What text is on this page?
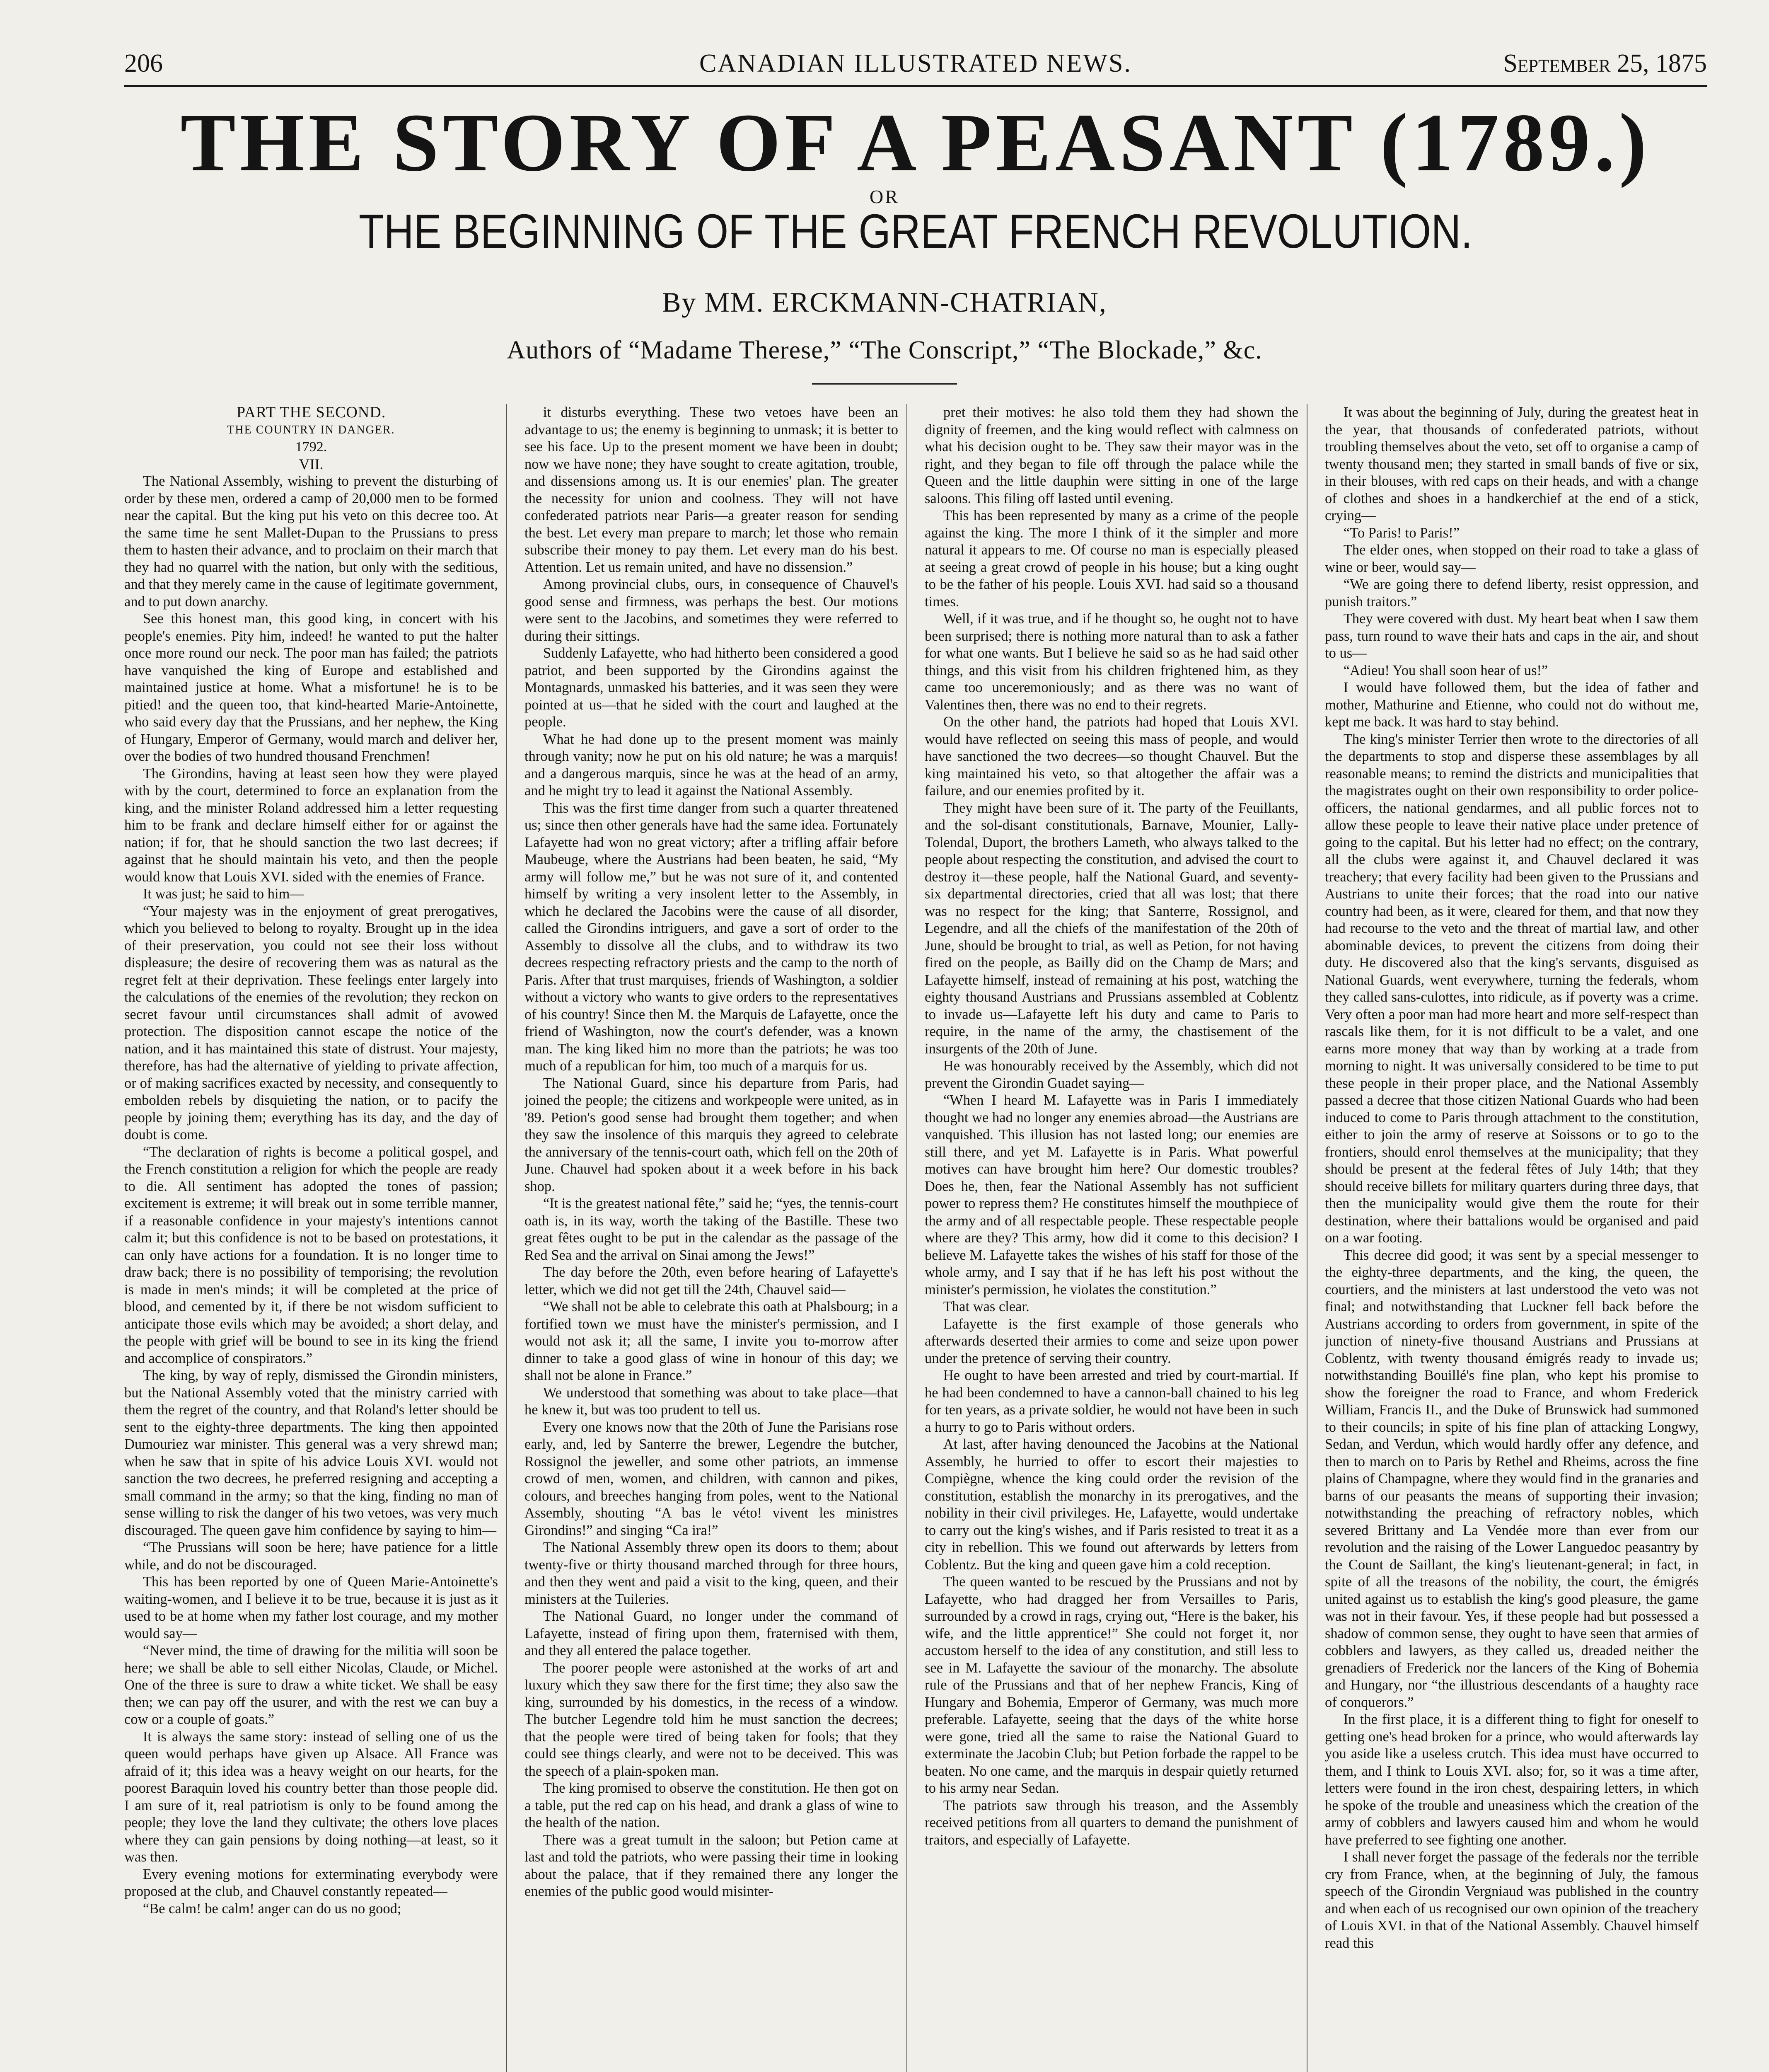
206	CANADIAN ILLUSTRATED NEWS.	September 25, 1875
THE STORY OF A PEASANT (1789.)
OR
THE BEGINNING OF THE GREAT FRENCH REVOLUTION.
By MM. ERCKMANN-CHATRIAN,
Authors of “Madame Therese,” “The Conscript,” “The Blockade,” &c.

PART THE SECOND.

THE COUNTRY IN DANGER.

1792.

VII.

The National Assembly, wishing to prevent the disturbing of order by these men, ordered a camp of 20,000 men to be formed near the capital. But the king put his veto on this decree too. At the same time he sent Mallet-Dupan to the Prussians to press them to hasten their advance, and to proclaim on their march that they had no quarrel with the nation, but only with the seditious, and that they merely came in the cause of legitimate government, and to put down anarchy.

See this honest man, this good king, in concert with his people's enemies. Pity him, indeed! he wanted to put the halter once more round our neck. The poor man has failed; the patriots have vanquished the king of Europe and established and maintained justice at home. What a misfortune! he is to be pitied! and the queen too, that kind-hearted Marie-Antoinette, who said every day that the Prussians, and her nephew, the King of Hungary, Emperor of Germany, would march and deliver her, over the bodies of two hundred thousand Frenchmen!

The Girondins, having at least seen how they were played with by the court, determined to force an explanation from the king, and the minister Roland addressed him a letter requesting him to be frank and declare himself either for or against the nation; if for, that he should sanction the two last decrees; if against that he should maintain his veto, and then the people would know that Louis XVI. sided with the enemies of France.

It was just; he said to him—

“Your majesty was in the enjoyment of great prerogatives, which you believed to belong to royalty. Brought up in the idea of their preservation, you could not see their loss without displeasure; the desire of recovering them was as natural as the regret felt at their deprivation. These feelings enter largely into the calculations of the enemies of the revolution; they reckon on secret favour until circumstances shall admit of avowed protection. The disposition cannot escape the notice of the nation, and it has maintained this state of distrust. Your majesty, therefore, has had the alternative of yielding to private affection, or of making sacrifices exacted by necessity, and consequently to embolden rebels by disquieting the nation, or to pacify the people by joining them; everything has its day, and the day of doubt is come.

“The declaration of rights is become a political gospel, and the French constitution a religion for which the people are ready to die. All sentiment has adopted the tones of passion; excitement is extreme; it will break out in some terrible manner, if a reasonable confidence in your majesty's intentions cannot calm it; but this confidence is not to be based on protestations, it can only have actions for a foundation. It is no longer time to draw back; there is no possibility of temporising; the revolution is made in men's minds; it will be completed at the price of blood, and cemented by it, if there be not wisdom sufficient to anticipate those evils which may be avoided; a short delay, and the people with grief will be bound to see in its king the friend and accomplice of conspirators.”

The king, by way of reply, dismissed the Girondin ministers, but the National Assembly voted that the ministry carried with them the regret of the country, and that Roland's letter should be sent to the eighty-three departments. The king then appointed Dumouriez war minister. This general was a very shrewd man; when he saw that in spite of his advice Louis XVI. would not sanction the two decrees, he preferred resigning and accepting a small command in the army; so that the king, finding no man of sense willing to risk the danger of his two vetoes, was very much discouraged. The queen gave him confidence by saying to him—

“The Prussians will soon be here; have patience for a little while, and do not be discouraged.

This has been reported by one of Queen Marie-Antoinette's waiting-women, and I believe it to be true, because it is just as it used to be at home when my father lost courage, and my mother would say—

“Never mind, the time of drawing for the militia will soon be here; we shall be able to sell either Nicolas, Claude, or Michel. One of the three is sure to draw a white ticket. We shall be easy then; we can pay off the usurer, and with the rest we can buy a cow or a couple of goats.”

It is always the same story: instead of selling one of us the queen would perhaps have given up Alsace. All France was afraid of it; this idea was a heavy weight on our hearts, for the poorest Baraquin loved his country better than those people did. I am sure of it, real patriotism is only to be found among the people; they love the land they cultivate; the others love places where they can gain pensions by doing nothing—at least, so it was then.

Every evening motions for exterminating everybody were proposed at the club, and Chauvel constantly repeated—

“Be calm! be calm! anger can do us no good;

it disturbs everything. These two vetoes have been an advantage to us; the enemy is beginning to unmask; it is better to see his face. Up to the present moment we have been in doubt; now we have none; they have sought to create agitation, trouble, and dissensions among us. It is our enemies' plan. The greater the necessity for union and coolness. They will not have confederated patriots near Paris—a greater reason for sending the best. Let every man prepare to march; let those who remain subscribe their money to pay them. Let every man do his best. Attention. Let us remain united, and have no dissension.”

Among provincial clubs, ours, in consequence of Chauvel's good sense and firmness, was perhaps the best. Our motions were sent to the Jacobins, and sometimes they were referred to during their sittings.

Suddenly Lafayette, who had hitherto been considered a good patriot, and been supported by the Girondins against the Montagnards, unmasked his batteries, and it was seen they were pointed at us—that he sided with the court and laughed at the people.

What he had done up to the present moment was mainly through vanity; now he put on his old nature; he was a marquis! and a dangerous marquis, since he was at the head of an army, and he might try to lead it against the National Assembly.

This was the first time danger from such a quarter threatened us; since then other generals have had the same idea. Fortunately Lafayette had won no great victory; after a trifling affair before Maubeuge, where the Austrians had been beaten, he said, “My army will follow me,” but he was not sure of it, and contented himself by writing a very insolent letter to the Assembly, in which he declared the Jacobins were the cause of all disorder, called the Girondins intriguers, and gave a sort of order to the Assembly to dissolve all the clubs, and to withdraw its two decrees respecting refractory priests and the camp to the north of Paris. After that trust marquises, friends of Washington, a soldier without a victory who wants to give orders to the representatives of his country! Since then M. the Marquis de Lafayette, once the friend of Washington, now the court's defender, was a known man. The king liked him no more than the patriots; he was too much of a republican for him, too much of a marquis for us.

The National Guard, since his departure from Paris, had joined the people; the citizens and workpeople were united, as in '89. Petion's good sense had brought them together; and when they saw the insolence of this marquis they agreed to celebrate the anniversary of the tennis-court oath, which fell on the 20th of June. Chauvel had spoken about it a week before in his back shop.

“It is the greatest national fête,” said he; “yes, the tennis-court oath is, in its way, worth the taking of the Bastille. These two great fêtes ought to be put in the calendar as the passage of the Red Sea and the arrival on Sinai among the Jews!”

The day before the 20th, even before hearing of Lafayette's letter, which we did not get till the 24th, Chauvel said—

“We shall not be able to celebrate this oath at Phalsbourg; in a fortified town we must have the minister's permission, and I would not ask it; all the same, I invite you to-morrow after dinner to take a good glass of wine in honour of this day; we shall not be alone in France.”

We understood that something was about to take place—that he knew it, but was too prudent to tell us.

Every one knows now that the 20th of June the Parisians rose early, and, led by Santerre the brewer, Legendre the butcher, Rossignol the jeweller, and some other patriots, an immense crowd of men, women, and children, with cannon and pikes, colours, and breeches hanging from poles, went to the National Assembly, shouting “A bas le véto! vivent les ministres Girondins!” and singing “Ca ira!”

The National Assembly threw open its doors to them; about twenty-five or thirty thousand marched through for three hours, and then they went and paid a visit to the king, queen, and their ministers at the Tuileries.

The National Guard, no longer under the command of Lafayette, instead of firing upon them, fraternised with them, and they all entered the palace together.

The poorer people were astonished at the works of art and luxury which they saw there for the first time; they also saw the king, surrounded by his domestics, in the recess of a window. The butcher Legendre told him he must sanction the decrees; that the people were tired of being taken for fools; that they could see things clearly, and were not to be deceived. This was the speech of a plain-spoken man.

The king promised to observe the constitution. He then got on a table, put the red cap on his head, and drank a glass of wine to the health of the nation.

There was a great tumult in the saloon; but Petion came at last and told the patriots, who were passing their time in looking about the palace, that if they remained there any longer the enemies of the public good would misinter-

pret their motives: he also told them they had shown the dignity of freemen, and the king would reflect with calmness on what his decision ought to be. They saw their mayor was in the right, and they began to file off through the palace while the Queen and the little dauphin were sitting in one of the large saloons. This filing off lasted until evening.

This has been represented by many as a crime of the people against the king. The more I think of it the simpler and more natural it appears to me. Of course no man is especially pleased at seeing a great crowd of people in his house; but a king ought to be the father of his people. Louis XVI. had said so a thousand times.

Well, if it was true, and if he thought so, he ought not to have been surprised; there is nothing more natural than to ask a father for what one wants. But I believe he said so as he had said other things, and this visit from his children frightened him, as they came too unceremoniously; and as there was no want of Valentines then, there was no end to their regrets.

On the other hand, the patriots had hoped that Louis XVI. would have reflected on seeing this mass of people, and would have sanctioned the two decrees—so thought Chauvel. But the king maintained his veto, so that altogether the affair was a failure, and our enemies profited by it.

They might have been sure of it. The party of the Feuillants, and the sol-disant constitutionals, Barnave, Mounier, Lally-Tolendal, Duport, the brothers Lameth, who always talked to the people about respecting the constitution, and advised the court to destroy it—these people, half the National Guard, and seventy-six departmental directories, cried that all was lost; that there was no respect for the king; that Santerre, Rossignol, and Legendre, and all the chiefs of the manifestation of the 20th of June, should be brought to trial, as well as Petion, for not having fired on the people, as Bailly did on the Champ de Mars; and Lafayette himself, instead of remaining at his post, watching the eighty thousand Austrians and Prussians assembled at Coblentz to invade us—Lafayette left his duty and came to Paris to require, in the name of the army, the chastisement of the insurgents of the 20th of June.

He was honourably received by the Assembly, which did not prevent the Girondin Guadet saying—

“When I heard M. Lafayette was in Paris I immediately thought we had no longer any enemies abroad—the Austrians are vanquished. This illusion has not lasted long; our enemies are still there, and yet M. Lafayette is in Paris. What powerful motives can have brought him here? Our domestic troubles? Does he, then, fear the National Assembly has not sufficient power to repress them? He constitutes himself the mouthpiece of the army and of all respectable people. These respectable people where are they? This army, how did it come to this decision? I believe M. Lafayette takes the wishes of his staff for those of the whole army, and I say that if he has left his post without the minister's permission, he violates the constitution.”

That was clear.

Lafayette is the first example of those generals who afterwards deserted their armies to come and seize upon power under the pretence of serving their country.

He ought to have been arrested and tried by court-martial. If he had been condemned to have a cannon-ball chained to his leg for ten years, as a private soldier, he would not have been in such a hurry to go to Paris without orders.

At last, after having denounced the Jacobins at the National Assembly, he hurried to offer to escort their majesties to Compiègne, whence the king could order the revision of the constitution, establish the monarchy in its prerogatives, and the nobility in their civil privileges. He, Lafayette, would undertake to carry out the king's wishes, and if Paris resisted to treat it as a city in rebellion. This we found out afterwards by letters from Coblentz. But the king and queen gave him a cold reception.

The queen wanted to be rescued by the Prussians and not by Lafayette, who had dragged her from Versailles to Paris, surrounded by a crowd in rags, crying out, “Here is the baker, his wife, and the little apprentice!” She could not forget it, nor accustom herself to the idea of any constitution, and still less to see in M. Lafayette the saviour of the monarchy. The absolute rule of the Prussians and that of her nephew Francis, King of Hungary and Bohemia, Emperor of Germany, was much more preferable. Lafayette, seeing that the days of the white horse were gone, tried all the same to raise the National Guard to exterminate the Jacobin Club; but Petion forbade the rappel to be beaten. No one came, and the marquis in despair quietly returned to his army near Sedan.

The patriots saw through his treason, and the Assembly received petitions from all quarters to demand the punishment of traitors, and especially of Lafayette.

It was about the beginning of July, during the greatest heat in the year, that thousands of confederated patriots, without troubling themselves about the veto, set off to organise a camp of twenty thousand men; they started in small bands of five or six, in their blouses, with red caps on their heads, and with a change of clothes and shoes in a handkerchief at the end of a stick, crying—

“To Paris! to Paris!”

The elder ones, when stopped on their road to take a glass of wine or beer, would say—

“We are going there to defend liberty, resist oppression, and punish traitors.”

They were covered with dust. My heart beat when I saw them pass, turn round to wave their hats and caps in the air, and shout to us—

“Adieu! You shall soon hear of us!”

I would have followed them, but the idea of father and mother, Mathurine and Etienne, who could not do without me, kept me back. It was hard to stay behind.

The king's minister Terrier then wrote to the directories of all the departments to stop and disperse these assemblages by all reasonable means; to remind the districts and municipalities that the magistrates ought on their own responsibility to order police-officers, the national gendarmes, and all public forces not to allow these people to leave their native place under pretence of going to the capital. But his letter had no effect; on the contrary, all the clubs were against it, and Chauvel declared it was treachery; that every facility had been given to the Prussians and Austrians to unite their forces; that the road into our native country had been, as it were, cleared for them, and that now they had recourse to the veto and the threat of martial law, and other abominable devices, to prevent the citizens from doing their duty. He discovered also that the king's servants, disguised as National Guards, went everywhere, turning the federals, whom they called sans-culottes, into ridicule, as if poverty was a crime. Very often a poor man had more heart and more self-respect than rascals like them, for it is not difficult to be a valet, and one earns more money that way than by working at a trade from morning to night. It was universally considered to be time to put these people in their proper place, and the National Assembly passed a decree that those citizen National Guards who had been induced to come to Paris through attachment to the constitution, either to join the army of reserve at Soissons or to go to the frontiers, should enrol themselves at the municipality; that they should be present at the federal fêtes of July 14th; that they should receive billets for military quarters during three days, that then the municipality would give them the route for their destination, where their battalions would be organised and paid on a war footing.

This decree did good; it was sent by a special messenger to the eighty-three departments, and the king, the queen, the courtiers, and the ministers at last understood the veto was not final; and notwithstanding that Luckner fell back before the Austrians according to orders from government, in spite of the junction of ninety-five thousand Austrians and Prussians at Coblentz, with twenty thousand émigrés ready to invade us; notwithstanding Bouillé's fine plan, who kept his promise to show the foreigner the road to France, and whom Frederick William, Francis II., and the Duke of Brunswick had summoned to their councils; in spite of his fine plan of attacking Longwy, Sedan, and Verdun, which would hardly offer any defence, and then to march on to Paris by Rethel and Rheims, across the fine plains of Champagne, where they would find in the granaries and barns of our peasants the means of supporting their invasion; notwithstanding the preaching of refractory nobles, which severed Brittany and La Vendée more than ever from our revolution and the raising of the Lower Languedoc peasantry by the Count de Saillant, the king's lieutenant-general; in fact, in spite of all the treasons of the nobility, the court, the émigrés united against us to establish the king's good pleasure, the game was not in their favour. Yes, if these people had but possessed a shadow of common sense, they ought to have seen that armies of cobblers and lawyers, as they called us, dreaded neither the grenadiers of Frederick nor the lancers of the King of Bohemia and Hungary, nor “the illustrious descendants of a haughty race of conquerors.”

In the first place, it is a different thing to fight for oneself to getting one's head broken for a prince, who would afterwards lay you aside like a useless crutch. This idea must have occurred to them, and I think to Louis XVI. also; for, so it was a time after, letters were found in the iron chest, despairing letters, in which he spoke of the trouble and uneasiness which the creation of the army of cobblers and lawyers caused him and whom he would have preferred to see fighting one another.

I shall never forget the passage of the federals nor the terrible cry from France, when, at the beginning of July, the famous speech of the Girondin Vergniaud was published in the country and when each of us recognised our own opinion of the treachery of Louis XVI. in that of the National Assembly. Chauvel himself read this
